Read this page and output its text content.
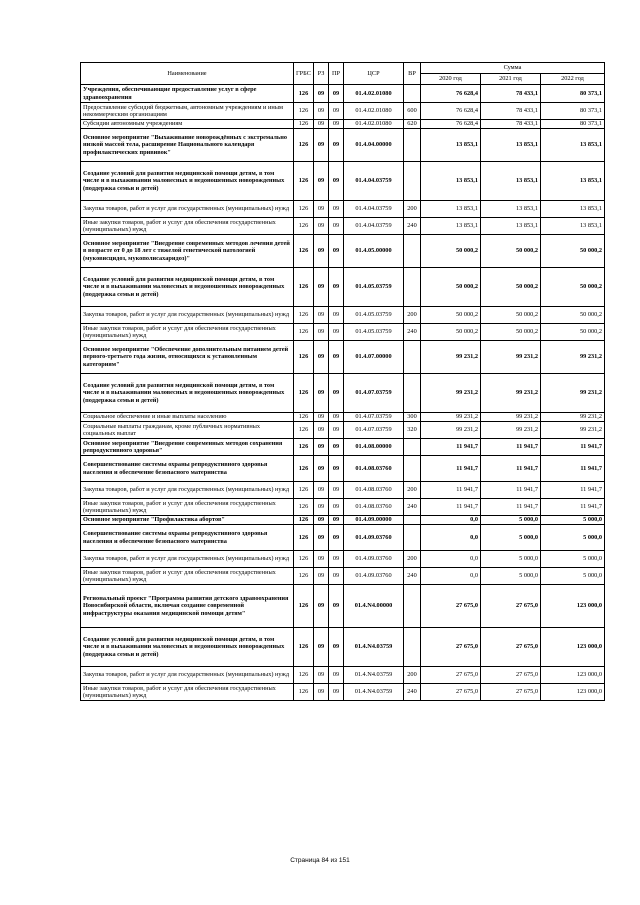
Наименование	ГРБС	РЗ	ПР	ЦСР	ВР	Сумма		
						2020 год	2021 год	2022 год
Учреждения, обеспечивающие предоставление услуг в сфере здравоохранения	126	09	09	01.4.02.01080		76 628,4	78 433,1	80 373,1
Предоставление субсидий бюджетным, автономным учреждениям и иным некоммерческим организациям	126	09	09	01.4.02.01080	600	76 628,4	78 433,1	80 373,1
Субсидии автономным учреждениям	126	09	09	01.4.02.01080	620	76 628,4	78 433,1	80 373,1
Основное мероприятие "Выхаживание новорождённых с экстремально низкой массой тела, расширение Национального календаря профилактических прививок"	126	09	09	01.4.04.00000		13 853,1	13 853,1	13 853,1
Создание условий для развития медицинской помощи детям, в том числе и в выхаживании маловесных и недоношенных новорожденных (поддержка семьи и детей)	126	09	09	01.4.04.03759		13 853,1	13 853,1	13 853,1
Закупка товаров, работ и услуг для государственных (муниципальных) нужд	126	09	09	01.4.04.03759	200	13 853,1	13 853,1	13 853,1
Иные закупки товаров, работ и услуг для обеспечения государственных (муниципальных) нужд	126	09	09	01.4.04.03759	240	13 853,1	13 853,1	13 853,1
Основное мероприятие "Внедрение современных методов лечения детей в возрасте от 0 до 18 лет с тяжелой генетической патологией (муковисцидоз, мукополисахаридоз)"	126	09	09	01.4.05.00000		50 000,2	50 000,2	50 000,2
Создание условий для развития медицинской помощи детям, в том числе и в выхаживании маловесных и недоношенных новорожденных (поддержка семьи и детей)	126	09	09	01.4.05.03759		50 000,2	50 000,2	50 000,2
Закупка товаров, работ и услуг для государственных (муниципальных) нужд	126	09	09	01.4.05.03759	200	50 000,2	50 000,2	50 000,2
Иные закупки товаров, работ и услуг для обеспечения государственных (муниципальных) нужд	126	09	09	01.4.05.03759	240	50 000,2	50 000,2	50 000,2
Основное мероприятие "Обеспечение дополнительным питанием детей первого-третьего года жизни, относящихся к установленным категориям"	126	09	09	01.4.07.00000		99 231,2	99 231,2	99 231,2
Создание условий для развития медицинской помощи детям, в том числе и в выхаживании маловесных и недоношенных новорожденных (поддержка семьи и детей)	126	09	09	01.4.07.03759		99 231,2	99 231,2	99 231,2
Социальное обеспечение и иные выплаты населению	126	09	09	01.4.07.03759	300	99 231,2	99 231,2	99 231,2
Социальные выплаты гражданам, кроме публичных нормативных социальных выплат	126	09	09	01.4.07.03759	320	99 231,2	99 231,2	99 231,2
Основное мероприятие "Внедрение современных методов сохранения репродуктивного здоровья"	126	09	09	01.4.08.00000		11 941,7	11 941,7	11 941,7
Совершенствование системы охраны репродуктивного здоровья населения и обеспечение безопасного материнства	126	09	09	01.4.08.03760		11 941,7	11 941,7	11 941,7
Закупка товаров, работ и услуг для государственных (муниципальных) нужд	126	09	09	01.4.08.03760	200	11 941,7	11 941,7	11 941,7
Иные закупки товаров, работ и услуг для обеспечения государственных (муниципальных) нужд	126	09	09	01.4.08.03760	240	11 941,7	11 941,7	11 941,7
Основное мероприятие "Профилактика абортов"	126	09	09	01.4.09.00000		0,0	5 000,0	5 000,0
Совершенствование системы охраны репродуктивного здоровья населения и обеспечение безопасного материнства	126	09	09	01.4.09.03760		0,0	5 000,0	5 000,0
Закупка товаров, работ и услуг для государственных (муниципальных) нужд	126	09	09	01.4.09.03760	200	0,0	5 000,0	5 000,0
Иные закупки товаров, работ и услуг для обеспечения государственных (муниципальных) нужд	126	09	09	01.4.09.03760	240	0,0	5 000,0	5 000,0
Региональный проект "Программа развития детского здравоохранения Новосибирской области, включая создание современной инфраструктуры оказания медицинской помощи детям"	126	09	09	01.4.N4.00000		27 675,0	27 675,0	123 000,0
Создание условий для развития медицинской помощи детям, в том числе и в выхаживании маловесных и недоношенных новорожденных (поддержка семьи и детей)	126	09	09	01.4.N4.03759		27 675,0	27 675,0	123 000,0
Закупка товаров, работ и услуг для государственных (муниципальных) нужд	126	09	09	01.4.N4.03759	200	27 675,0	27 675,0	123 000,0
Иные закупки товаров, работ и услуг для обеспечения государственных (муниципальных) нужд	126	09	09	01.4.N4.03759	240	27 675,0	27 675,0	123 000,0
Страница 84 из 151
